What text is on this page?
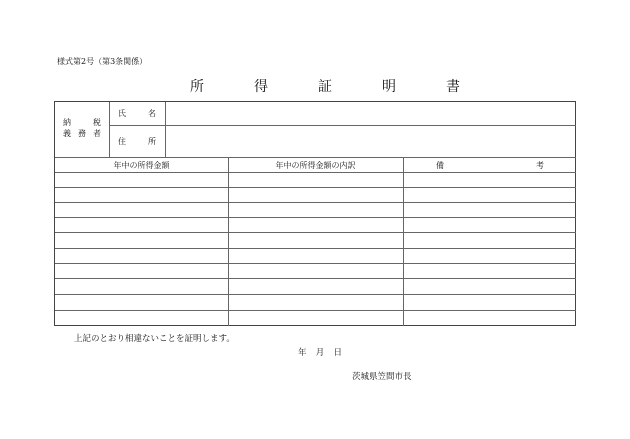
様式第2号（第3条関係）
所	得	証	明	書
納	税
義 務 者
氏	名
住	所
年中の所得金額	年中の所得金額の内訳	備	考
上記のとおり相違ないことを証明します。
年 月 日
茨城県笠間市長
